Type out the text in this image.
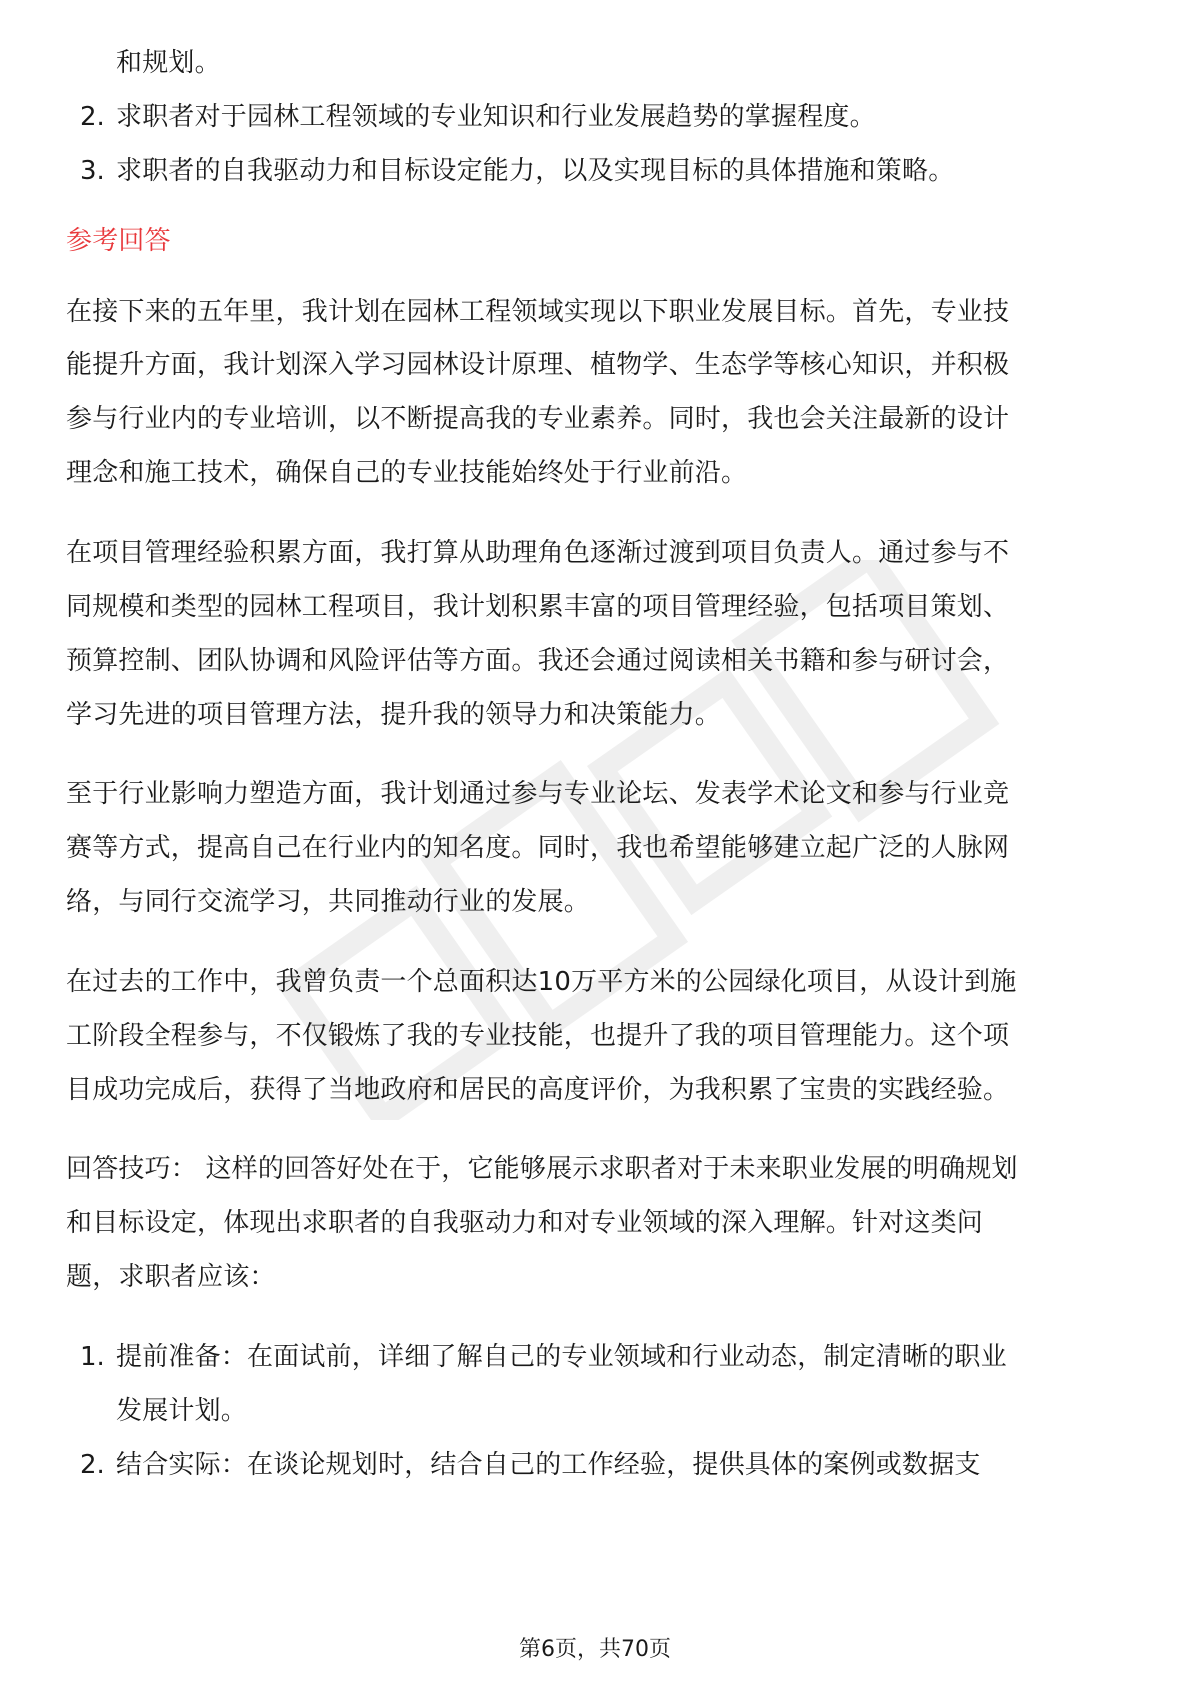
和规划。
2. 求职者对于园林工程领域的专业知识和行业发展趋势的掌握程度。
3. 求职者的自我驱动力和目标设定能力，以及实现目标的具体措施和策略。
参考回答
在接下来的五年里，我计划在园林工程领域实现以下职业发展目标。首先，专业技
能提升方面，我计划深入学习园林设计原理、植物学、生态学等核心知识，并积极
参与行业内的专业培训，以不断提高我的专业素养。同时，我也会关注最新的设计
理念和施工技术，确保自己的专业技能始终处于行业前沿。
在项目管理经验积累方面，我打算从助理角色逐渐过渡到项目负责人。通过参与不
同规模和类型的园林工程项目，我计划积累丰富的项目管理经验，包括项目策划、
预算控制、团队协调和风险评估等方面。我还会通过阅读相关书籍和参与研讨会，
学习先进的项目管理方法，提升我的领导力和决策能力。
至于行业影响力塑造方面，我计划通过参与专业论坛、发表学术论文和参与行业竞
赛等方式，提高自己在行业内的知名度。同时，我也希望能够建立起广泛的人脉网
络，与同行交流学习，共同推动行业的发展。
在过去的工作中，我曾负责一个总面积达10万平方米的公园绿化项目，从设计到施
工阶段全程参与，不仅锻炼了我的专业技能，也提升了我的项目管理能力。这个项
目成功完成后，获得了当地政府和居民的高度评价，为我积累了宝贵的实践经验。
回答技巧： 这样的回答好处在于，它能够展示求职者对于未来职业发展的明确规划
和目标设定，体现出求职者的自我驱动力和对专业领域的深入理解。针对这类问
题，求职者应该：
1. 提前准备：在面试前，详细了解自己的专业领域和行业动态，制定清晰的职业
发展计划。
2. 结合实际：在谈论规划时，结合自己的工作经验，提供具体的案例或数据支
第6页，共70页
